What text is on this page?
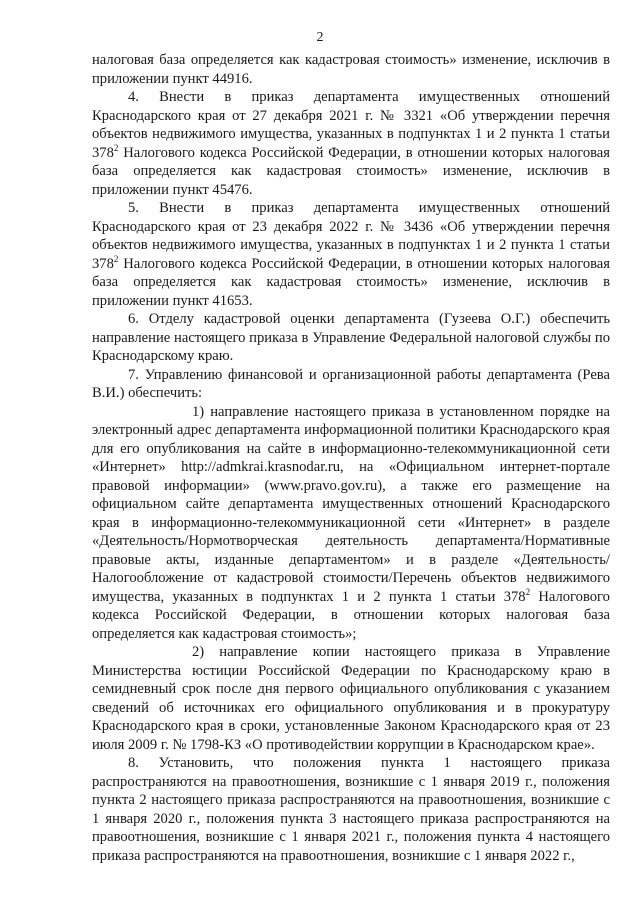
2

налоговая база определяется как кадастровая стоимость» изменение, исключив в приложении пункт 44916.

4. Внести в приказ департамента имущественных отношений Краснодарского края от 27 декабря 2021 г. № 3321 «Об утверждении перечня объектов недвижимого имущества, указанных в подпунктах 1 и 2 пункта 1 статьи $378^2$ Налогового кодекса Российской Федерации, в отношении которых налоговая база определяется как кадастровая стоимость» изменение, исключив в приложении пункт 45476.

5. Внести в приказ департамента имущественных отношений Краснодарского края от 23 декабря 2022 г. № 3436 «Об утверждении перечня объектов недвижимого имущества, указанных в подпунктах 1 и 2 пункта 1 статьи $378^2$ Налогового кодекса Российской Федерации, в отношении которых налоговая база определяется как кадастровая стоимость» изменение, исключив в приложении пункт 41653.

6. Отделу кадастровой оценки департамента (Гузеева О.Г.) обеспечить направление настоящего приказа в Управление Федеральной налоговой службы по Краснодарскому краю.

7. Управлению финансовой и организационной работы департамента (Рева В.И.) обеспечить:

1) направление настоящего приказа в установленном порядке на электронный адрес департамента информационной политики Краснодарского края для его опубликования на сайте в информационно-телекоммуникационной сети «Интернет» http://admkrai.krasnodar.ru, на «Официальном интернет-портале правовой информации» (www.pravo.gov.ru), а также его размещение на официальном сайте департамента имущественных отношений Краснодарского края в информационно-телекоммуникационной сети «Интернет» в разделе «Деятельность/Нормотворческая деятельность департамента/Нормативные правовые акты, изданные департаментом» и в разделе «Деятельность/ Налогообложение от кадастровой стоимости/Перечень объектов недвижимого имущества, указанных в подпунктах 1 и 2 пункта 1 статьи $378^2$ Налогового кодекса Российской Федерации, в отношении которых налоговая база определяется как кадастровая стоимость»;

2) направление копии настоящего приказа в Управление Министерства юстиции Российской Федерации по Краснодарскому краю в семидневный срок после дня первого официального опубликования с указанием сведений об источниках его официального опубликования и в прокуратуру Краснодарского края в сроки, установленные Законом Краснодарского края от 23 июля 2009 г. № 1798-КЗ «О противодействии коррупции в Краснодарском крае».

8. Установить, что положения пункта 1 настоящего приказа распространяются на правоотношения, возникшие с 1 января 2019 г., положения пункта 2 настоящего приказа распространяются на правоотношения, возникшие с 1 января 2020 г., положения пункта 3 настоящего приказа распространяются на правоотношения, возникшие с 1 января 2021 г., положения пункта 4 настоящего приказа распространяются на правоотношения, возникшие с 1 января 2022 г.,
